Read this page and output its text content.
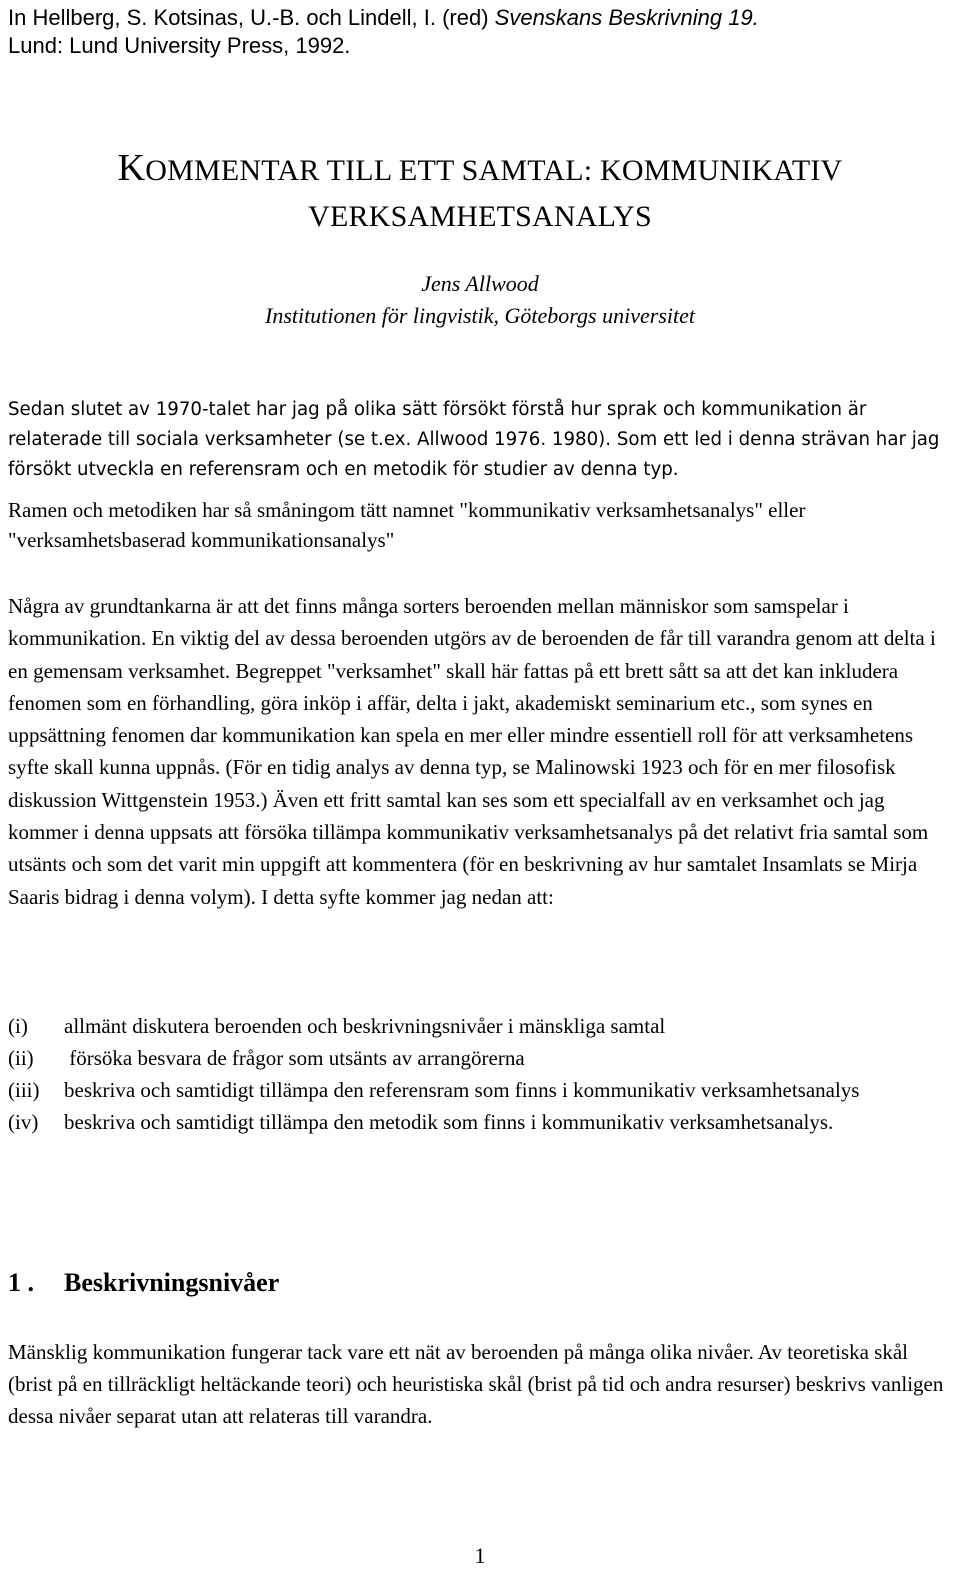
In Hellberg, S. Kotsinas, U.-B. och Lindell, I. (red) Svenskans Beskrivning 19.
Lund: Lund University Press, 1992.
KOMMENTAR TILL ETT SAMTAL: KOMMUNIKATIV
VERKSAMHETSANALYS
Jens Allwood
Institutionen för lingvistik, Göteborgs universitet

Sedan slutet av 1970-talet har jag på olika sätt försökt förstå hur sprak och kommunikation är relaterade till sociala verksamheter (se t.ex. Allwood 1976. 1980). Som ett led i denna strävan har jag försökt utveckla en referensram och en metodik för studier av denna typ.

Ramen och metodiken har så småningom tätt namnet "kommunikativ verksamhetsanalys" eller "verksamhetsbaserad kommunikationsanalys"
Några av grundtankarna är att det finns många sorters beroenden mellan människor som samspelar i kommunikation. En viktig del av dessa beroenden utgörs av de beroenden de får till varandra genom att delta i en gemensam verksamhet. Begreppet "verksamhet" skall här fattas på ett brett sått sa att det kan inkludera fenomen som en förhandling, göra inköp i affär, delta i jakt, akademiskt seminarium etc., som synes en uppsättning fenomen dar kommunikation kan spela en mer eller mindre essentiell roll för att verksamhetens syfte skall kunna uppnås. (För en tidig analys av denna typ, se Malinowski 1923 och för en mer filosofisk diskussion Wittgenstein 1953.) Även ett fritt samtal kan ses som ett specialfall av en verksamhet och jag kommer i denna uppsats att försöka tillämpa kommunikativ verksamhetsanalys på det relativt fria samtal som utsänts och som det varit min uppgift att kommentera (för en beskrivning av hur samtalet Insamlats se Mirja Saaris bidrag i denna volym). I detta syfte kommer jag nedan att:
(i)	allmänt diskutera beroenden och beskrivningsnivåer i mänskliga samtal
(ii)	försöka besvara de frågor som utsänts av arrangörerna
(iii)	beskriva och samtidigt tillämpa den referensram som finns i kommunikativ verksamhetsanalys
(iv)	beskriva och samtidigt tillämpa den metodik som finns i kommunikativ verksamhetsanalys.
1 .	Beskrivningsnivåer
Mänsklig kommunikation fungerar tack vare ett nät av beroenden på många olika nivåer. Av teoretiska skål (brist på en tillräckligt heltäckande teori) och heuristiska skål (brist på tid och andra resurser) beskrivs vanligen dessa nivåer separat utan att relateras till varandra.
1
